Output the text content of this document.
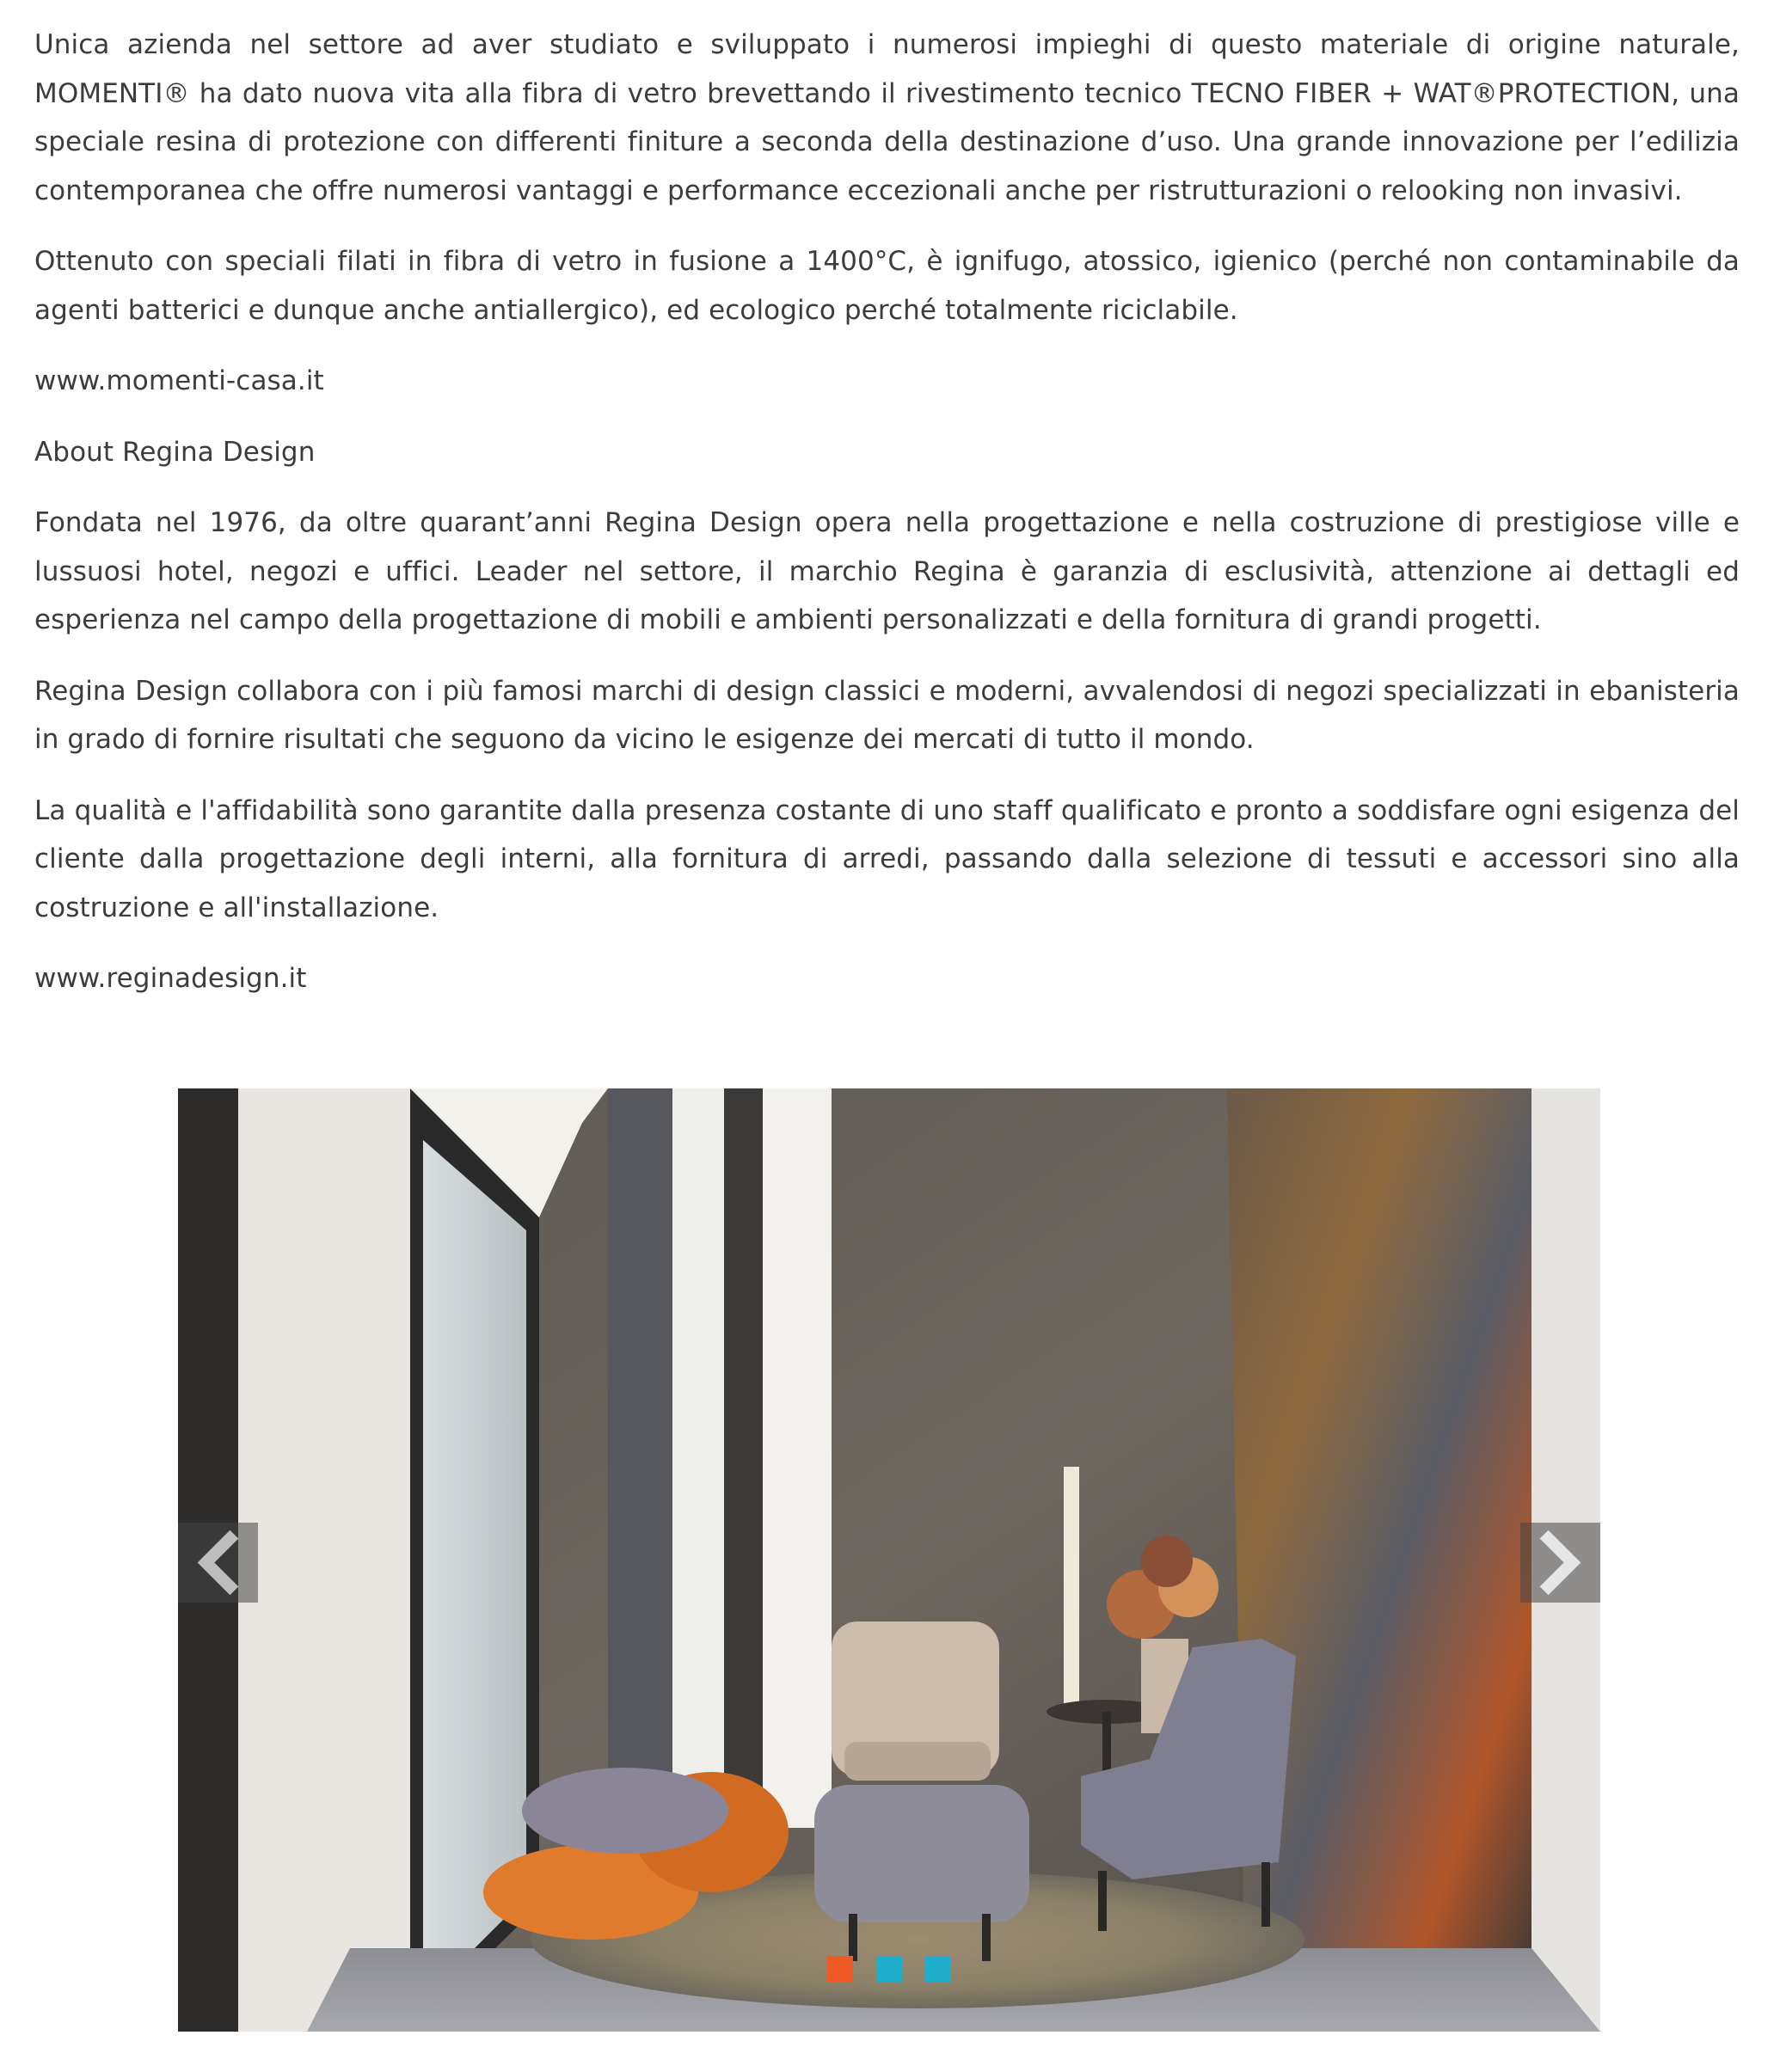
Unica azienda nel settore ad aver studiato e sviluppato i numerosi impieghi di questo materiale di origine naturale, MOMENTI® ha dato nuova vita alla fibra di vetro brevettando il rivestimento tecnico TECNO FIBER + WAT®PROTECTION, una speciale resina di protezione con differenti finiture a seconda della destinazione d’uso. Una grande innovazione per l’edilizia contemporanea che offre numerosi vantaggi e performance eccezionali anche per ristrutturazioni o relooking non invasivi.

Ottenuto con speciali filati in fibra di vetro in fusione a 1400°C, è ignifugo, atossico, igienico (perché non contaminabile da agenti batterici e dunque anche antiallergico), ed ecologico perché totalmente riciclabile.

www.momenti-casa.it

About Regina Design

Fondata nel 1976, da oltre quarant’anni Regina Design opera nella progettazione e nella costruzione di prestigiose ville e lussuosi hotel, negozi e uffici. Leader nel settore, il marchio Regina è garanzia di esclusività, attenzione ai dettagli ed esperienza nel campo della progettazione di mobili e ambienti personalizzati e della fornitura di grandi progetti.

Regina Design collabora con i più famosi marchi di design classici e moderni, avvalendosi di negozi specializzati in ebanisteria in grado di fornire risultati che seguono da vicino le esigenze dei mercati di tutto il mondo.

La qualità e l'affidabilità sono garantite dalla presenza costante di uno staff qualificato e pronto a soddisfare ogni esigenza del cliente dalla progettazione degli interni, alla fornitura di arredi, passando dalla selezione di tessuti e accessori sino alla costruzione e all'installazione.

www.reginadesign.it
